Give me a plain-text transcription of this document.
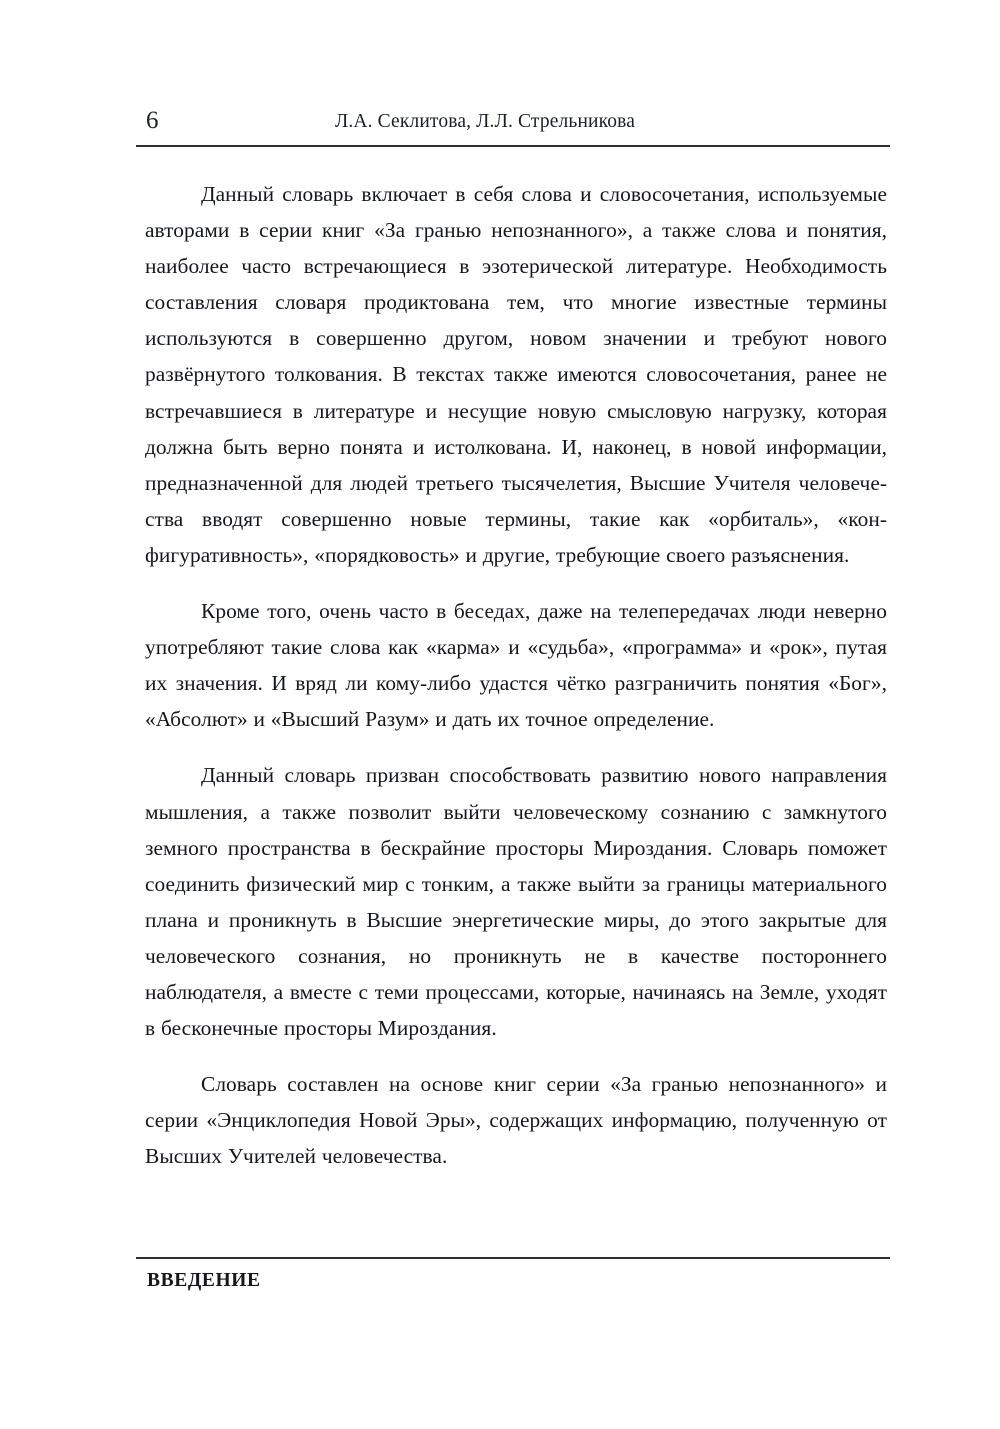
6	Л.А. Секлитова, Л.Л. Стрельникова

Данный словарь включает в себя слова и словосочетания, используемые авторами в серии книг «За гранью непознанного», а также слова и понятия, наиболее часто встречающиеся в эзотерической литературе. Необходимость составления словаря продиктована тем, что многие известные термины используются в совершенно другом, новом значении и требуют нового развёрнутого толкования. В текстах также имеются словосочетания, ранее не встречавшиеся в литературе и несущие новую смысловую нагрузку, которая должна быть верно понята и истолкована. И, наконец, в новой информации, предназначенной для людей третьего тысячелетия, Высшие Учителя человечества вводят совершенно новые термины, такие как «орбиталь», «конфигуративность», «порядковость» и другие, требующие своего разъяснения.

Кроме того, очень часто в беседах, даже на телепередачах люди неверно употребляют такие слова как «карма» и «судьба», «программа» и «рок», путая их значения. И вряд ли кому-либо удастся чётко разграничить понятия «Бог», «Абсолют» и «Высший Разум» и дать их точное определение.

Данный словарь призван способствовать развитию нового направления мышления, а также позволит выйти человеческому сознанию с замкнутого земного пространства в бескрайние просторы Мироздания. Словарь поможет соединить физический мир с тонким, а также выйти за границы материального плана и проникнуть в Высшие энергетические миры, до этого закрытые для человеческого сознания, но проникнуть не в качестве постороннего наблюдателя, а вместе с теми процессами, которые, начинаясь на Земле, уходят в бесконечные просторы Мироздания.

Словарь составлен на основе книг серии «За гранью непознанного» и серии «Энциклопедия Новой Эры», содержащих информацию, полученную от Высших Учителей человечества.

ВВЕДЕНИЕ
